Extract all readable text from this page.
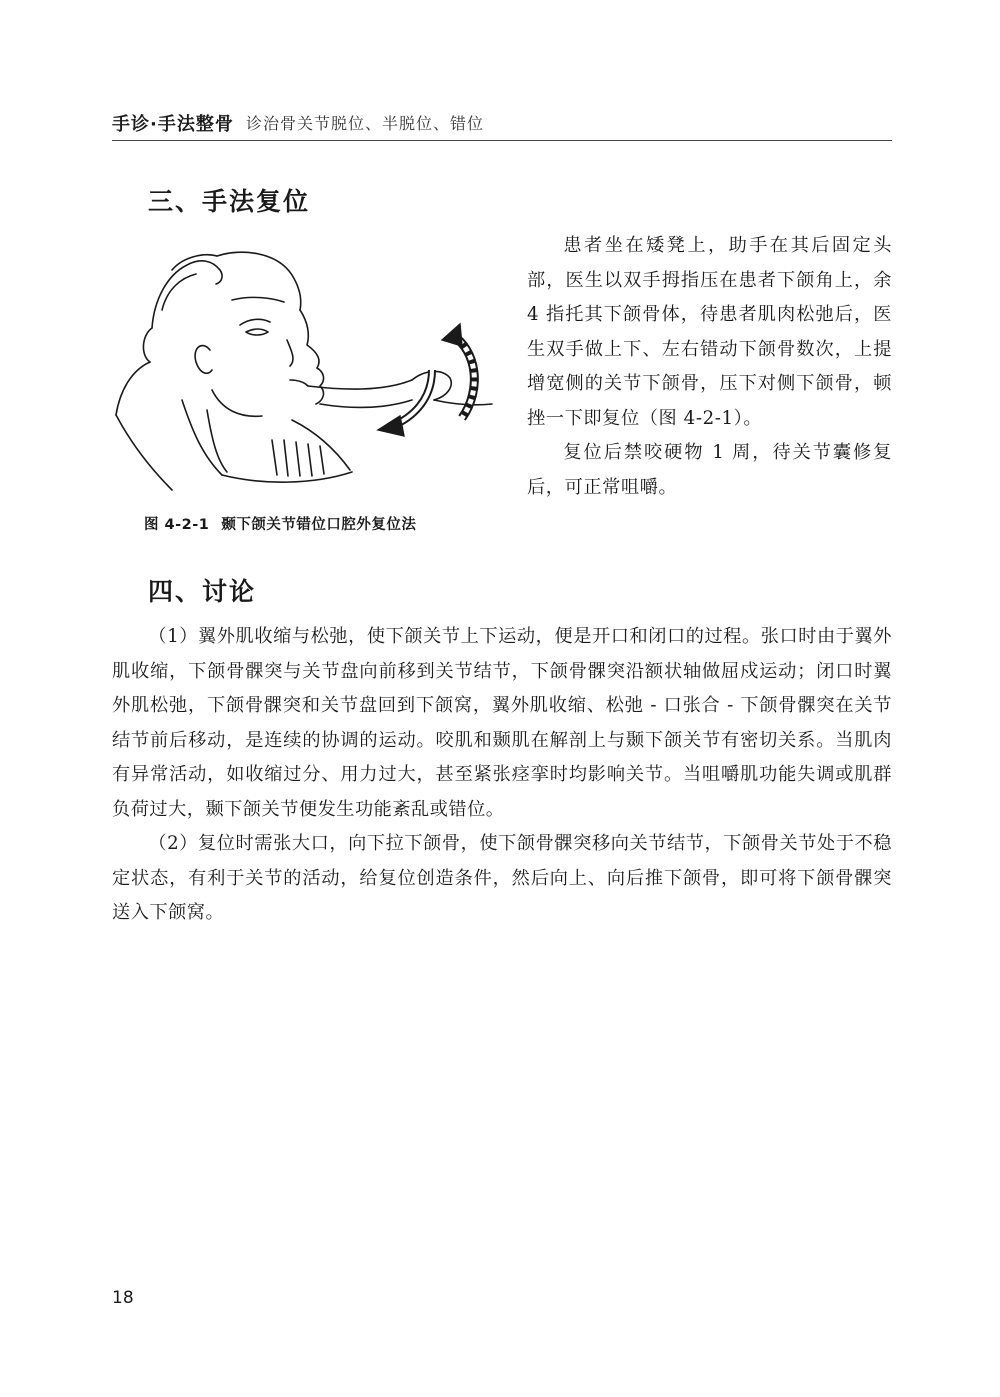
手诊·手法整骨 诊治骨关节脱位、半脱位、错位
三、手法复位
图 4-2-1 颞下颌关节错位口腔外复位法

患者坐在矮凳上，助手在其后固定头部，医生以双手拇指压在患者下颌角上，余 4 指托其下颌骨体，待患者肌肉松弛后，医生双手做上下、左右错动下颌骨数次，上提增宽侧的关节下颌骨，压下对侧下颌骨，顿挫一下即复位（图 4-2-1）。

复位后禁咬硬物 1 周，待关节囊修复后，可正常咀嚼。

四、讨论

（1）翼外肌收缩与松弛，使下颌关节上下运动，便是开口和闭口的过程。张口时由于翼外肌收缩，下颌骨髁突与关节盘向前移到关节结节，下颌骨髁突沿额状轴做屈戍运动；闭口时翼外肌松弛，下颌骨髁突和关节盘回到下颌窝，翼外肌收缩、松弛 - 口张合 - 下颌骨髁突在关节结节前后移动，是连续的协调的运动。咬肌和颞肌在解剖上与颞下颌关节有密切关系。当肌肉有异常活动，如收缩过分、用力过大，甚至紧张痉挛时均影响关节。当咀嚼肌功能失调或肌群负荷过大，颞下颌关节便发生功能紊乱或错位。

（2）复位时需张大口，向下拉下颌骨，使下颌骨髁突移向关节结节，下颌骨关节处于不稳定状态，有利于关节的活动，给复位创造条件，然后向上、向后推下颌骨，即可将下颌骨髁突送入下颌窝。

18
